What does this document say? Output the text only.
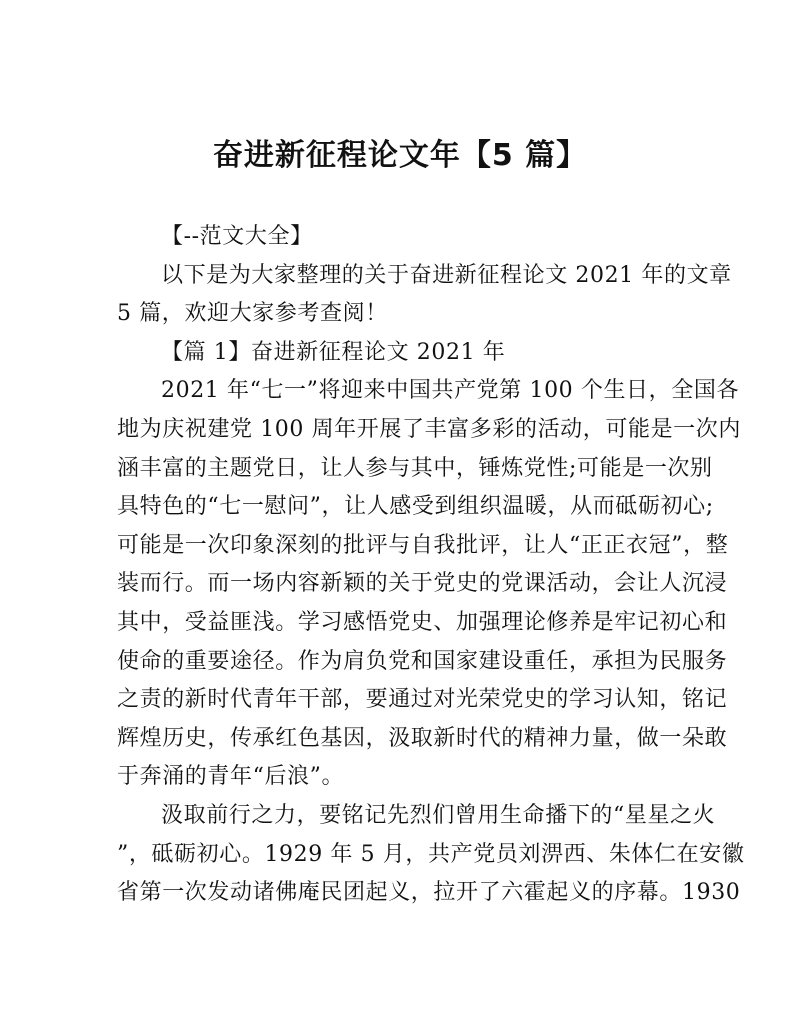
奋进新征程论文年【5 篇】
【--范文大全】
以下是为大家整理的关于奋进新征程论文 2021 年的文章
5 篇，欢迎大家参考查阅！
【篇 1】奋进新征程论文 2021 年
2021 年“七一”将迎来中国共产党第 100 个生日，全国各
地为庆祝建党 100 周年开展了丰富多彩的活动，可能是一次内
涵丰富的主题党日，让人参与其中，锤炼党性;可能是一次别
具特色的“七一慰问”，让人感受到组织温暖，从而砥砺初心;
可能是一次印象深刻的批评与自我批评，让人“正正衣冠”，整
装而行。而一场内容新颖的关于党史的党课活动，会让人沉浸
其中，受益匪浅。学习感悟党史、加强理论修养是牢记初心和
使命的重要途径。作为肩负党和国家建设重任，承担为民服务
之责的新时代青年干部，要通过对光荣党史的学习认知，铭记
辉煌历史，传承红色基因，汲取新时代的精神力量，做一朵敢
于奔涌的青年“后浪”。
汲取前行之力，要铭记先烈们曾用生命播下的“星星之火
”，砥砺初心。1929 年 5 月，共产党员刘淠西、朱体仁在安徽
省第一次发动诸佛庵民团起义，拉开了六霍起义的序幕。1930
